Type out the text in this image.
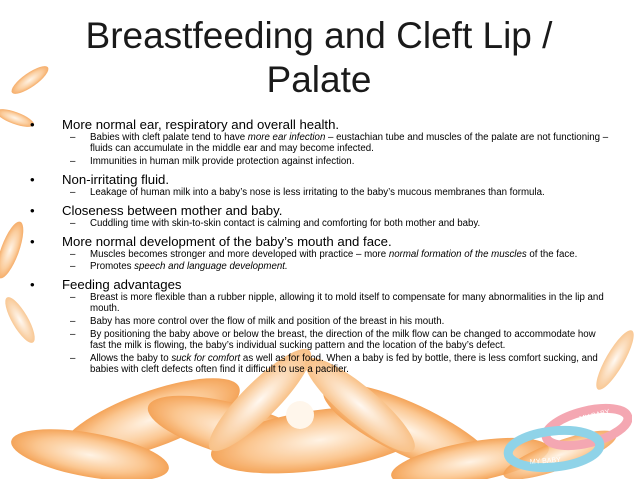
MY BABY
MY BABY
Breastfeeding and Cleft Lip /
Palate
• More normal ear, respiratory and overall health.
– Babies with cleft palate tend to have more ear infection – eustachian tube and muscles of the palate are not functioning – fluids can accumulate in the middle ear and may become infected.
– Immunities in human milk provide protection against infection.
• Non-irritating fluid.
– Leakage of human milk into a baby’s nose is less irritating to the baby’s mucous membranes than formula.
• Closeness between mother and baby.
– Cuddling time with skin-to-skin contact is calming and comforting for both mother and baby.
• More normal development of the baby’s mouth and face.
– Muscles becomes stronger and more developed with practice – more normal formation of the muscles of the face.
– Promotes speech and language development.
• Feeding advantages
– Breast is more flexible than a rubber nipple, allowing it to mold itself to compensate for many abnormalities in the lip and mouth.
– Baby has more control over the flow of milk and position of the breast in his mouth.
– By positioning the baby above or below the breast, the direction of the milk flow can be changed to accommodate how fast the milk is flowing, the baby’s individual sucking pattern and the location of the baby’s defect.
– Allows the baby to suck for comfort as well as for food. When a baby is fed by bottle, there is less comfort sucking, and babies with cleft defects often find it difficult to use a pacifier.
